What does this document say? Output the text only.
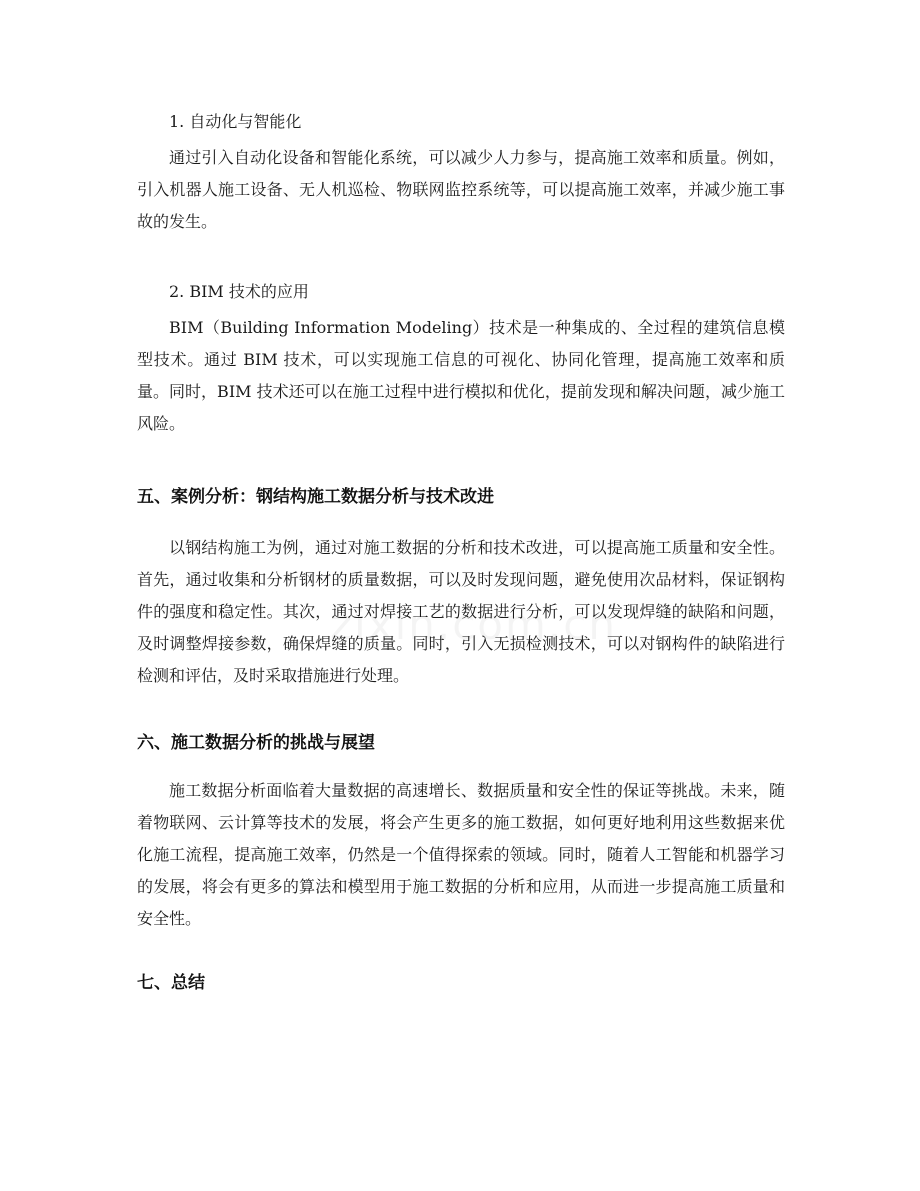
1. 自动化与智能化

通过引入自动化设备和智能化系统，可以减少人力参与，提高施工效率和质量。例如，引入机器人施工设备、无人机巡检、物联网监控系统等，可以提高施工效率，并减少施工事故的发生。

2. BIM 技术的应用

BIM（Building Information Modeling）技术是一种集成的、全过程的建筑信息模型技术。通过 BIM 技术，可以实现施工信息的可视化、协同化管理，提高施工效率和质量。同时，BIM 技术还可以在施工过程中进行模拟和优化，提前发现和解决问题，减少施工风险。

五、案例分析：钢结构施工数据分析与技术改进

以钢结构施工为例，通过对施工数据的分析和技术改进，可以提高施工质量和安全性。首先，通过收集和分析钢材的质量数据，可以及时发现问题，避免使用次品材料，保证钢构件的强度和稳定性。其次，通过对焊接工艺的数据进行分析，可以发现焊缝的缺陷和问题，及时调整焊接参数，确保焊缝的质量。同时，引入无损检测技术，可以对钢构件的缺陷进行检测和评估，及时采取措施进行处理。

六、施工数据分析的挑战与展望

施工数据分析面临着大量数据的高速增长、数据质量和安全性的保证等挑战。未来，随着物联网、云计算等技术的发展，将会产生更多的施工数据，如何更好地利用这些数据来优化施工流程，提高施工效率，仍然是一个值得探索的领域。同时，随着人工智能和机器学习的发展，将会有更多的算法和模型用于施工数据的分析和应用，从而进一步提高施工质量和安全性。

七、总结
